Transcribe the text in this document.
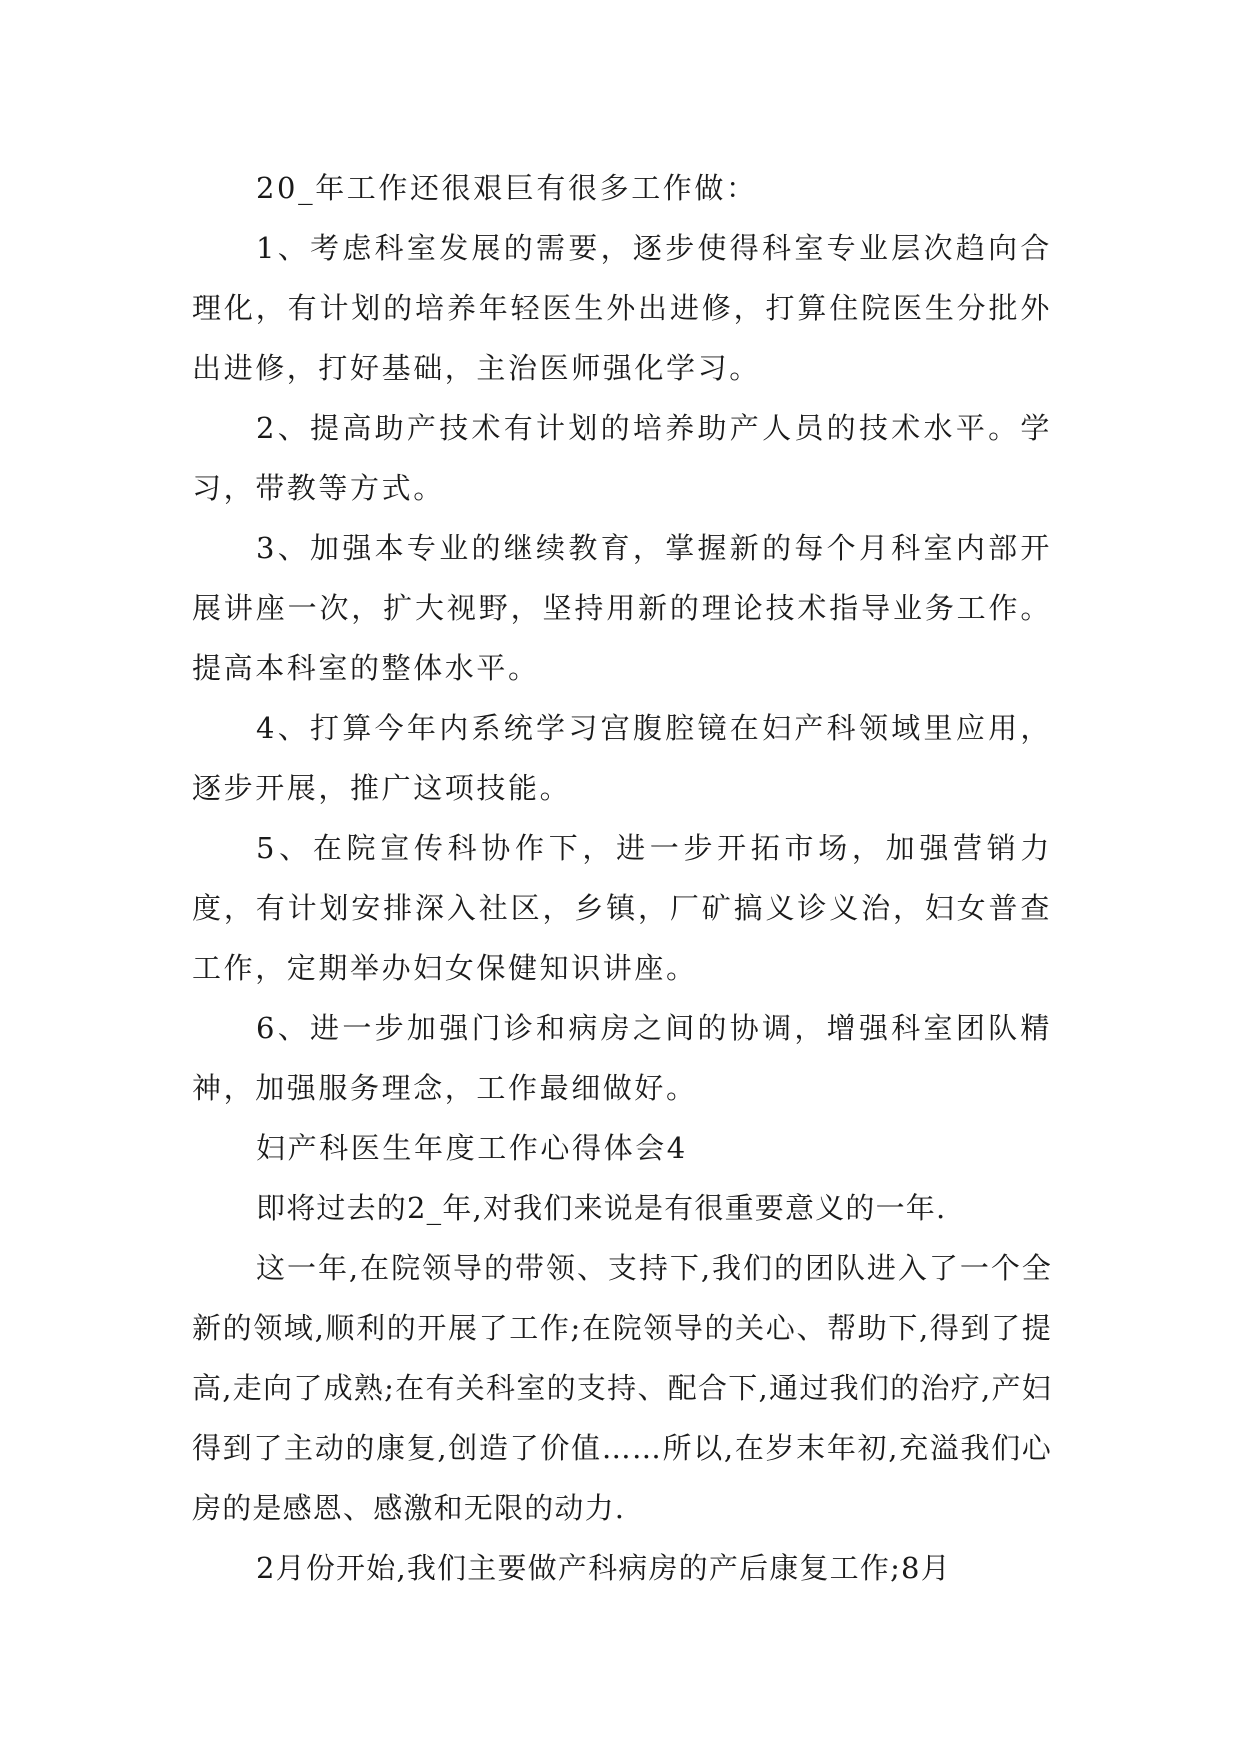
20_年工作还很艰巨有很多工作做：

1、考虑科室发展的需要，逐步使得科室专业层次趋向合理化，有计划的培养年轻医生外出进修，打算住院医生分批外出进修，打好基础，主治医师强化学习。

2、提高助产技术有计划的培养助产人员的技术水平。学习，带教等方式。

3、加强本专业的继续教育，掌握新的每个月科室内部开展讲座一次，扩大视野，坚持用新的理论技术指导业务工作。提高本科室的整体水平。

4、打算今年内系统学习宫腹腔镜在妇产科领域里应用，逐步开展，推广这项技能。

5、在院宣传科协作下，进一步开拓市场，加强营销力度，有计划安排深入社区，乡镇，厂矿搞义诊义治，妇女普查工作，定期举办妇女保健知识讲座。

6、进一步加强门诊和病房之间的协调，增强科室团队精神，加强服务理念，工作最细做好。

妇产科医生年度工作心得体会4

即将过去的2_年,对我们来说是有很重要意义的一年.

这一年,在院领导的带领、支持下,我们的团队进入了一个全新的领域,顺利的开展了工作;在院领导的关心、帮助下,得到了提高,走向了成熟;在有关科室的支持、配合下,通过我们的治疗,产妇得到了主动的康复,创造了价值……所以,在岁末年初,充溢我们心房的是感恩、感激和无限的动力.

2月份开始,我们主要做产科病房的产后康复工作;8月
